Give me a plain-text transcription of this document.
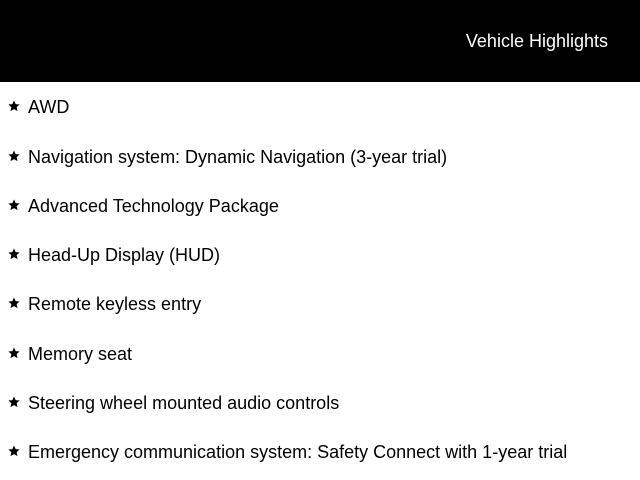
Vehicle Highlights
AWD
Navigation system: Dynamic Navigation (3-year trial)
Advanced Technology Package
Head-Up Display (HUD)
Remote keyless entry
Memory seat
Steering wheel mounted audio controls
Emergency communication system: Safety Connect with 1-year trial
